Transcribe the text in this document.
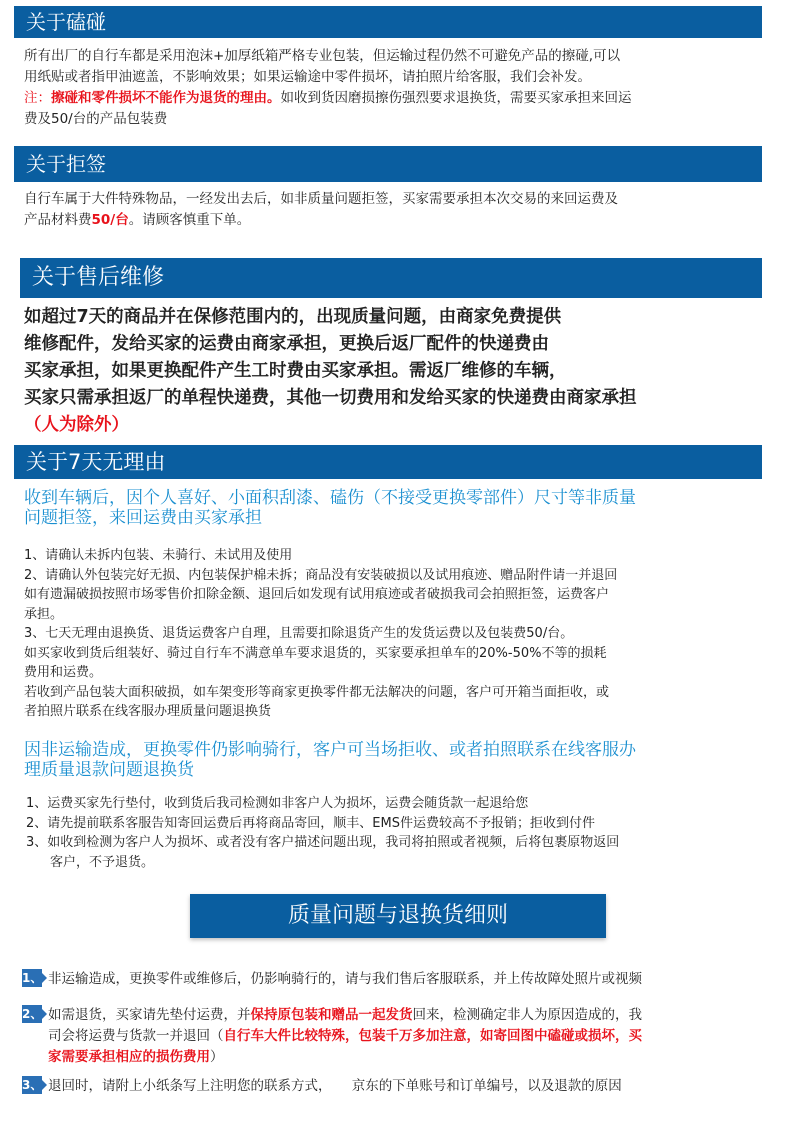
关于磕碰
所有出厂的自行车都是采用泡沫+加厚纸箱严格专业包装，但运输过程仍然不可避免产品的擦碰,可以
用纸贴或者指甲油遮盖，不影响效果；如果运输途中零件损坏，请拍照片给客服，我们会补发。
注：擦碰和零件损坏不能作为退货的理由。如收到货因磨损擦伤强烈要求退换货，需要买家承担来回运
费及50/台的产品包装费
关于拒签
自行车属于大件特殊物品，一经发出去后，如非质量问题拒签，买家需要承担本次交易的来回运费及
产品材料费50/台。请顾客慎重下单。
关于售后维修
如超过7天的商品并在保修范围内的，出现质量问题，由商家免费提供
维修配件，发给买家的运费由商家承担，更换后返厂配件的快递费由
买家承担，如果更换配件产生工时费由买家承担。需返厂维修的车辆，
买家只需承担返厂的单程快递费，其他一切费用和发给买家的快递费由商家承担
（人为除外）
关于7天无理由
收到车辆后，因个人喜好、小面积刮漆、磕伤（不接受更换零部件）尺寸等非质量
问题拒签，来回运费由买家承担
1、请确认未拆内包装、未骑行、未试用及使用
2、请确认外包装完好无损、内包装保护棉未拆；商品没有安装破损以及试用痕迹、赠品附件请一并退回
如有遗漏破损按照市场零售价扣除金额、退回后如发现有试用痕迹或者破损我司会拍照拒签，运费客户
承担。
3、七天无理由退换货、退货运费客户自理，且需要扣除退货产生的发货运费以及包装费50/台。
如买家收到货后组装好、骑过自行车不满意单车要求退货的，买家要承担单车的20%-50%不等的损耗
费用和运费。
若收到产品包装大面积破损，如车架变形等商家更换零件都无法解决的问题，客户可开箱当面拒收，或
者拍照片联系在线客服办理质量问题退换货
因非运输造成，更换零件仍影响骑行，客户可当场拒收、或者拍照联系在线客服办
理质量退款问题退换货
1、运费买家先行垫付，收到货后我司检测如非客户人为损坏，运费会随货款一起退给您
2、请先提前联系客服告知寄回运费后再将商品寄回，顺丰、EMS件运费较高不予报销；拒收到付件
3、如收到检测为客户人为损坏、或者没有客户描述问题出现，我司将拍照或者视频，后将包裹原物返回
客户，不予退货。
质量问题与退换货细则
1、 非运输造成，更换零件或维修后，仍影响骑行的，请与我们售后客服联系，并上传故障处照片或视频
2、 如需退货，买家请先垫付运费，并保持原包装和赠品一起发货回来，检测确定非人为原因造成的，我
司会将运费与货款一并退回（自行车大件比较特殊，包装千万多加注意，如寄回图中磕碰或损坏，买
家需要承担相应的损伤费用）
3、 退回时，请附上小纸条写上注明您的联系方式，　　京东的下单账号和订单编号，以及退款的原因
